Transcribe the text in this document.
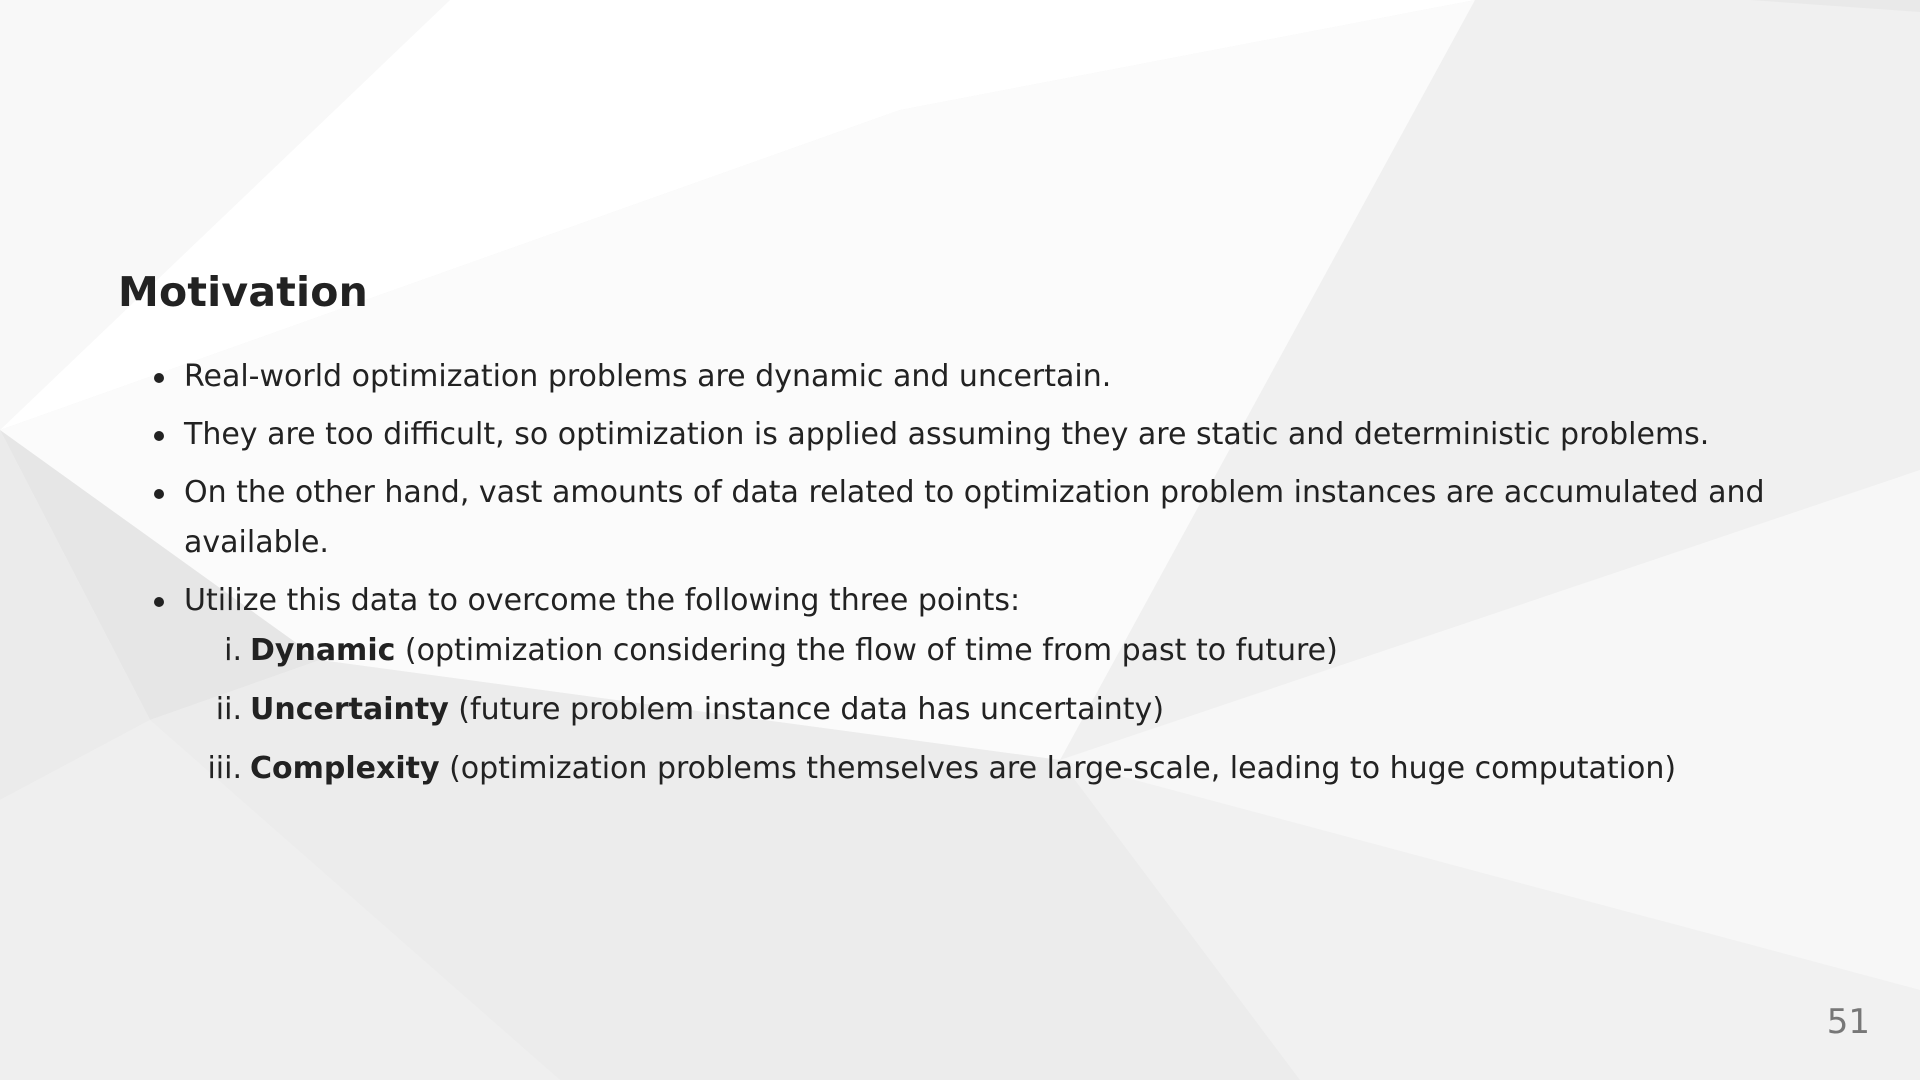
Motivation
Real-world optimization problems are dynamic and uncertain.
They are too difficult, so optimization is applied assuming they are static and deterministic problems.
On the other hand, vast amounts of data related to optimization problem instances are accumulated and available.
Utilize this data to overcome the following three points:
i. Dynamic (optimization considering the flow of time from past to future)
ii. Uncertainty (future problem instance data has uncertainty)
iii. Complexity (optimization problems themselves are large-scale, leading to huge computation)
51
